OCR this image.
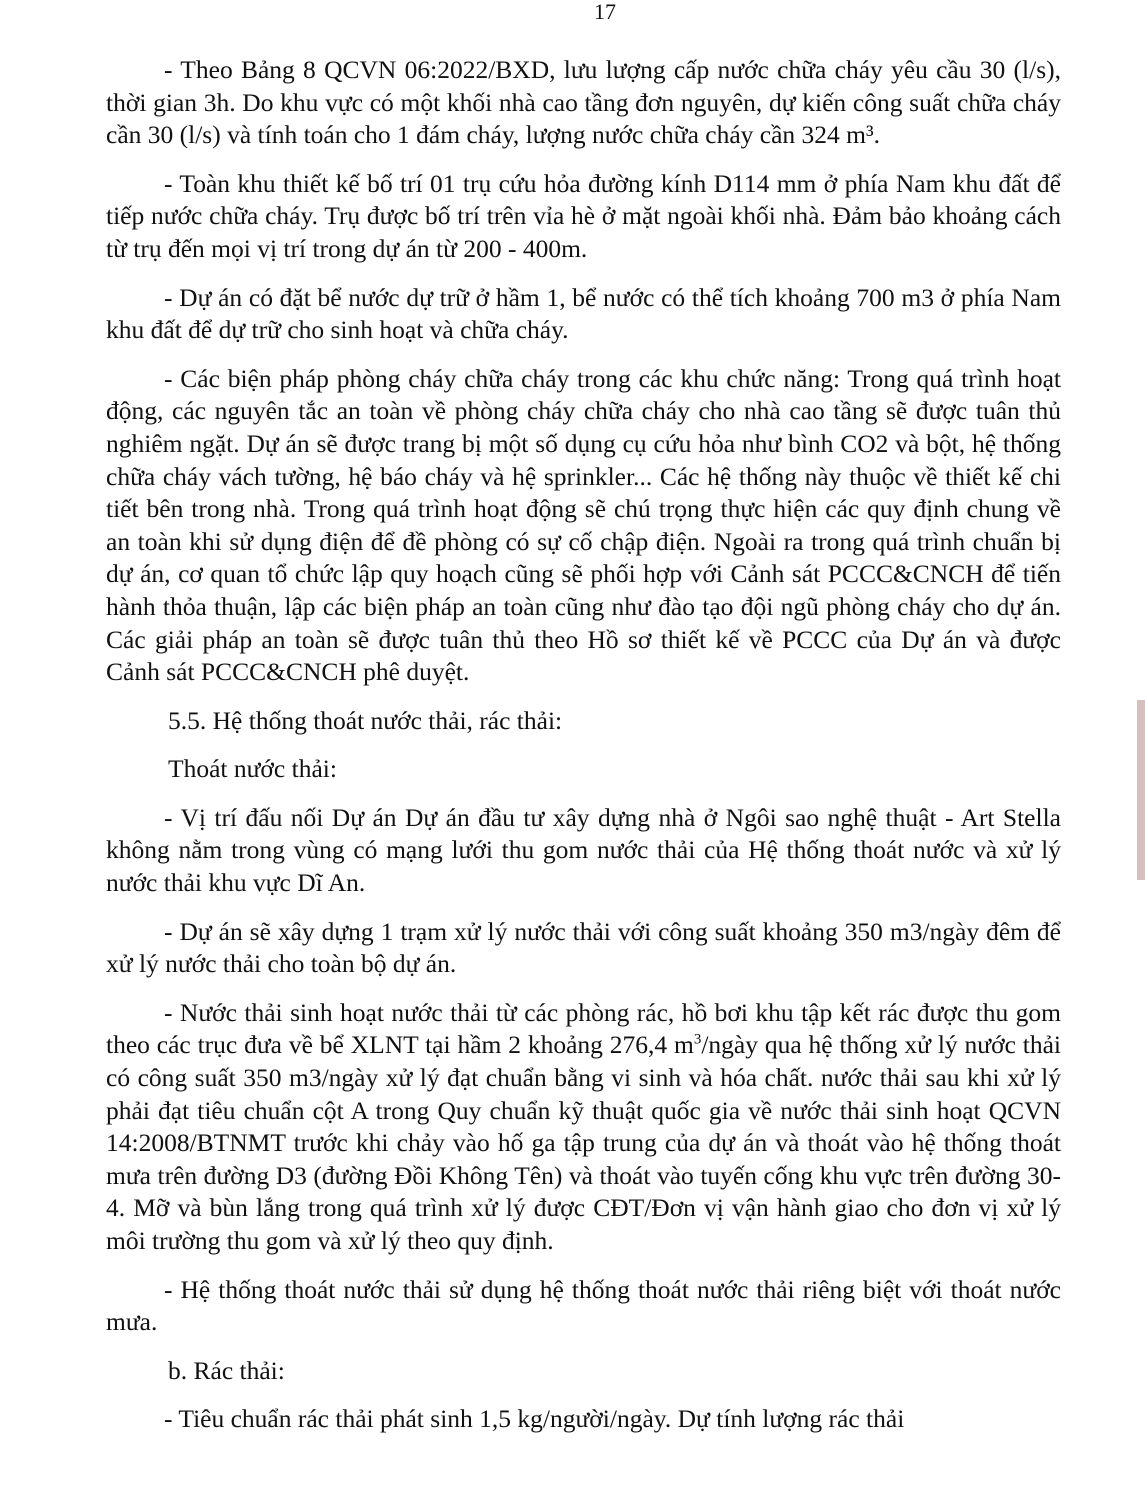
17

- Theo Bảng 8 QCVN 06:2022/BXD, lưu lượng cấp nước chữa cháy yêu cầu 30 (l/s), thời gian 3h. Do khu vực có một khối nhà cao tầng đơn nguyên, dự kiến công suất chữa cháy cần 30 (l/s) và tính toán cho 1 đám cháy, lượng nước chữa cháy cần 324 m³.

- Toàn khu thiết kế bố trí 01 trụ cứu hỏa đường kính D114 mm ở phía Nam khu đất để tiếp nước chữa cháy. Trụ được bố trí trên vỉa hè ở mặt ngoài khối nhà. Đảm bảo khoảng cách từ trụ đến mọi vị trí trong dự án từ 200 - 400m.

- Dự án có đặt bể nước dự trữ ở hầm 1, bể nước có thể tích khoảng 700 m3 ở phía Nam khu đất để dự trữ cho sinh hoạt và chữa cháy.

- Các biện pháp phòng cháy chữa cháy trong các khu chức năng: Trong quá trình hoạt động, các nguyên tắc an toàn về phòng cháy chữa cháy cho nhà cao tầng sẽ được tuân thủ nghiêm ngặt. Dự án sẽ được trang bị một số dụng cụ cứu hỏa như bình CO2 và bột, hệ thống chữa cháy vách tường, hệ báo cháy và hệ sprinkler... Các hệ thống này thuộc về thiết kế chi tiết bên trong nhà. Trong quá trình hoạt động sẽ chú trọng thực hiện các quy định chung về an toàn khi sử dụng điện để đề phòng có sự cố chập điện. Ngoài ra trong quá trình chuẩn bị dự án, cơ quan tổ chức lập quy hoạch cũng sẽ phối hợp với Cảnh sát PCCC&CNCH để tiến hành thỏa thuận, lập các biện pháp an toàn cũng như đào tạo đội ngũ phòng cháy cho dự án. Các giải pháp an toàn sẽ được tuân thủ theo Hồ sơ thiết kế về PCCC của Dự án và được Cảnh sát PCCC&CNCH phê duyệt.

5.5. Hệ thống thoát nước thải, rác thải:

Thoát nước thải:

- Vị trí đấu nối Dự án Dự án đầu tư xây dựng nhà ở Ngôi sao nghệ thuật - Art Stella không nằm trong vùng có mạng lưới thu gom nước thải của Hệ thống thoát nước và xử lý nước thải khu vực Dĩ An.

- Dự án sẽ xây dựng 1 trạm xử lý nước thải với công suất khoảng 350 m3/ngày đêm để xử lý nước thải cho toàn bộ dự án.

- Nước thải sinh hoạt nước thải từ các phòng rác, hồ bơi khu tập kết rác được thu gom theo các trục đưa về bể XLNT tại hầm 2 khoảng 276,4 $m^3$/ngày qua hệ thống xử lý nước thải có công suất 350 m3/ngày xử lý đạt chuẩn bằng vi sinh và hóa chất. nước thải sau khi xử lý phải đạt tiêu chuẩn cột A trong Quy chuẩn kỹ thuật quốc gia về nước thải sinh hoạt QCVN 14:2008/BTNMT trước khi chảy vào hố ga tập trung của dự án và thoát vào hệ thống thoát mưa trên đường D3 (đường Đồi Không Tên) và thoát vào tuyến cống khu vực trên đường 30-4. Mỡ và bùn lắng trong quá trình xử lý được CĐT/Đơn vị vận hành giao cho đơn vị xử lý môi trường thu gom và xử lý theo quy định.

- Hệ thống thoát nước thải sử dụng hệ thống thoát nước thải riêng biệt với thoát nước mưa.

b. Rác thải:

- Tiêu chuẩn rác thải phát sinh 1,5 kg/người/ngày. Dự tính lượng rác thải
